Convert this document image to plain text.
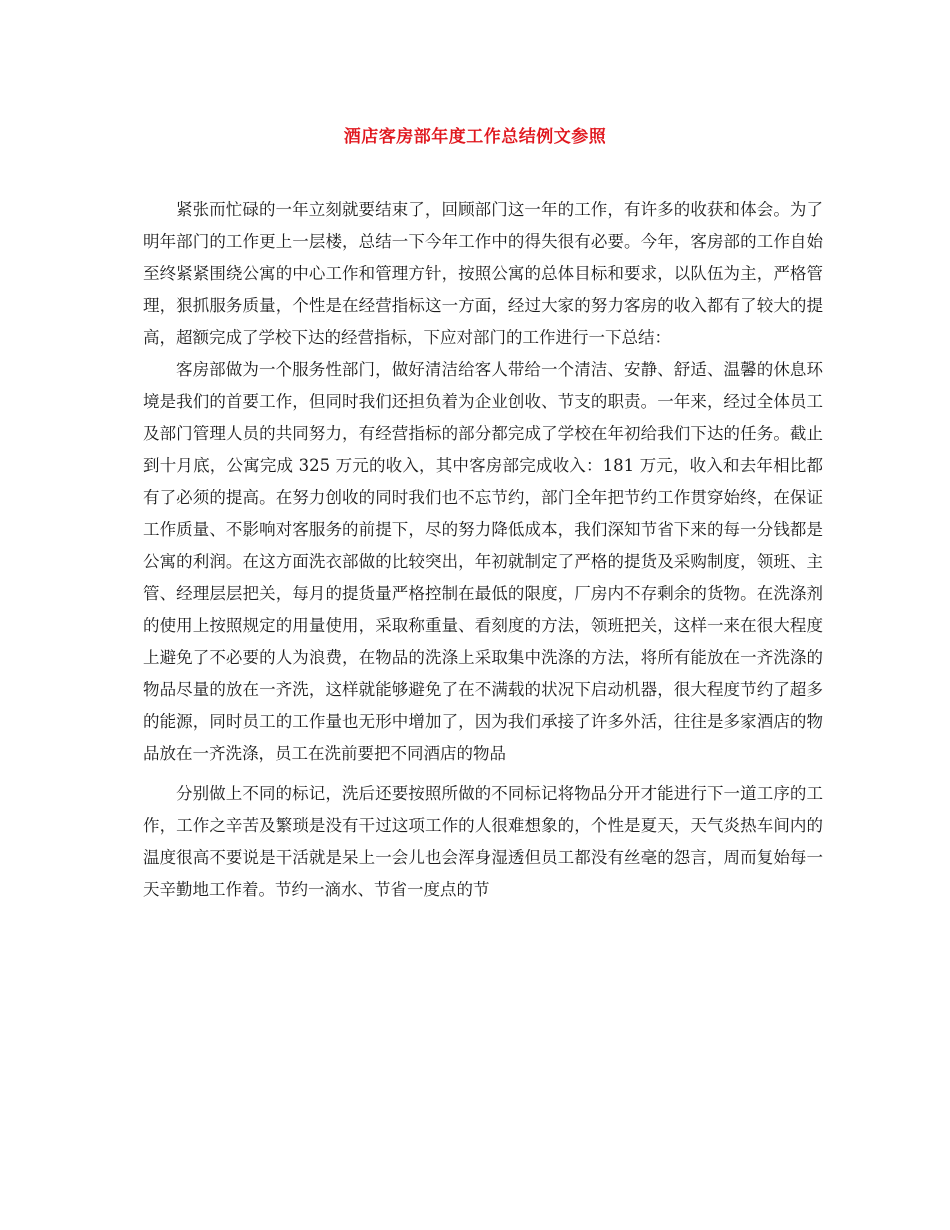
酒店客房部年度工作总结例文参照

紧张而忙碌的一年立刻就要结束了，回顾部门这一年的工作，有许多的收获和体会。为了明年部门的工作更上一层楼，总结一下今年工作中的得失很有必要。今年，客房部的工作自始至终紧紧围绕公寓的中心工作和管理方针，按照公寓的总体目标和要求，以队伍为主，严格管理，狠抓服务质量，个性是在经营指标这一方面，经过大家的努力客房的收入都有了较大的提高，超额完成了学校下达的经营指标，下应对部门的工作进行一下总结：

客房部做为一个服务性部门，做好清洁给客人带给一个清洁、安静、舒适、温馨的休息环境是我们的首要工作，但同时我们还担负着为企业创收、节支的职责。一年来，经过全体员工及部门管理人员的共同努力，有经营指标的部分都完成了学校在年初给我们下达的任务。截止到十月底，公寓完成 325 万元的收入，其中客房部完成收入：181 万元，收入和去年相比都有了必须的提高。在努力创收的同时我们也不忘节约，部门全年把节约工作贯穿始终，在保证工作质量、不影响对客服务的前提下，尽的努力降低成本，我们深知节省下来的每一分钱都是公寓的利润。在这方面洗衣部做的比较突出，年初就制定了严格的提货及采购制度，领班、主管、经理层层把关，每月的提货量严格控制在最低的限度，厂房内不存剩余的货物。在洗涤剂的使用上按照规定的用量使用，采取称重量、看刻度的方法，领班把关，这样一来在很大程度上避免了不必要的人为浪费，在物品的洗涤上采取集中洗涤的方法，将所有能放在一齐洗涤的物品尽量的放在一齐洗，这样就能够避免了在不满载的状况下启动机器，很大程度节约了超多的能源，同时员工的工作量也无形中增加了，因为我们承接了许多外活，往往是多家酒店的物品放在一齐洗涤，员工在洗前要把不同酒店的物品

分别做上不同的标记，洗后还要按照所做的不同标记将物品分开才能进行下一道工序的工作，工作之辛苦及繁琐是没有干过这项工作的人很难想象的，个性是夏天，天气炎热车间内的温度很高不要说是干活就是呆上一会儿也会浑身湿透但员工都没有丝毫的怨言，周而复始每一天辛勤地工作着。节约一滴水、节省一度点的节
